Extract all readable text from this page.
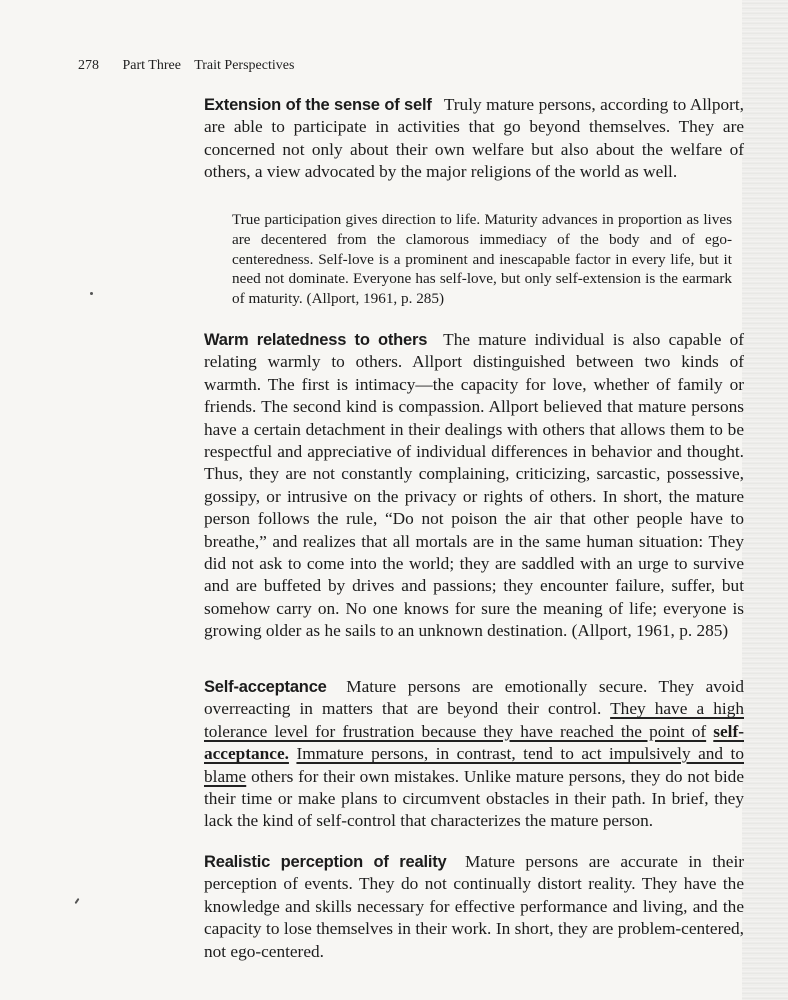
278 Part Three Trait Perspectives
Extension of the sense of self Truly mature persons, according to Allport, are able to participate in activities that go beyond themselves. They are concerned not only about their own welfare but also about the welfare of others, a view advocated by the major religions of the world as well.
True participation gives direction to life. Maturity advances in proportion as lives are decentered from the clamorous immediacy of the body and of ego-centeredness. Self-love is a prominent and inescapable factor in every life, but it need not dominate. Everyone has self-love, but only self-extension is the earmark of maturity. (Allport, 1961, p. 285)
Warm relatedness to others The mature individual is also capable of relating warmly to others. Allport distinguished between two kinds of warmth. The first is intimacy—the capacity for love, whether of family or friends. The second kind is compassion. Allport believed that mature persons have a certain detachment in their dealings with others that allows them to be respectful and appreciative of individual differences in behavior and thought. Thus, they are not constantly complaining, criticizing, sarcastic, possessive, gossipy, or intrusive on the privacy or rights of others. In short, the mature person follows the rule, “Do not poison the air that other people have to breathe,” and realizes that all mortals are in the same human situation: They did not ask to come into the world; they are saddled with an urge to survive and are buffeted by drives and passions; they encounter failure, suffer, but somehow carry on. No one knows for sure the meaning of life; everyone is growing older as he sails to an unknown destination. (Allport, 1961, p. 285)
Self-acceptance Mature persons are emotionally secure. They avoid overreacting in matters that are beyond their control. They have a high tolerance level for frustration because they have reached the point of self-acceptance. Immature persons, in contrast, tend to act impulsively and to blame others for their own mistakes. Unlike mature persons, they do not bide their time or make plans to circumvent obstacles in their path. In brief, they lack the kind of self-control that characterizes the mature person.
Realistic perception of reality Mature persons are accurate in their perception of events. They do not continually distort reality. They have the knowledge and skills necessary for effective performance and living, and the capacity to lose themselves in their work. In short, they are problem-centered, not ego-centered.
